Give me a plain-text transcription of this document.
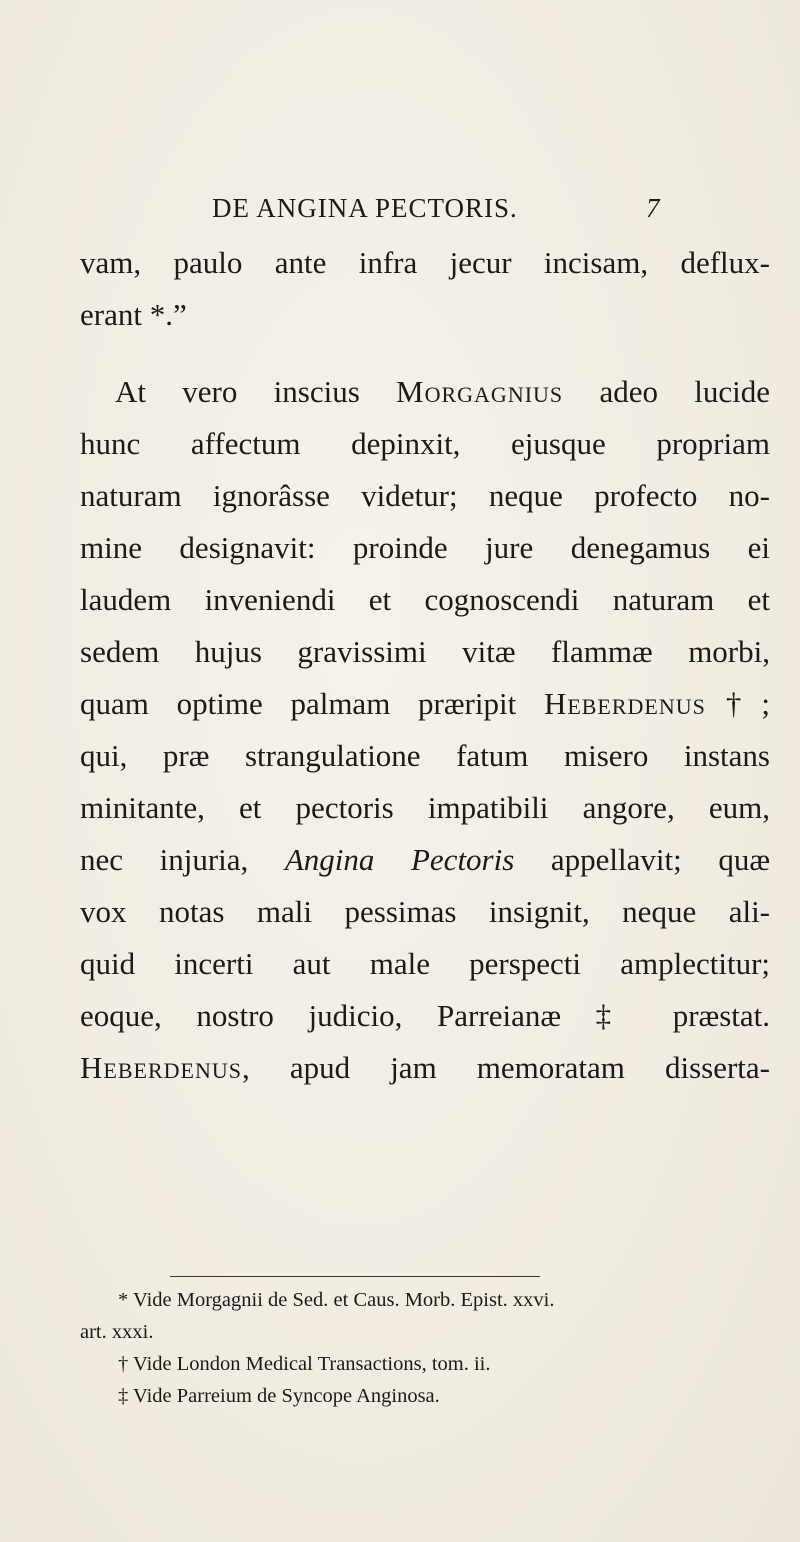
DE ANGINA PECTORIS.	7
vam, paulo ante infra jecur incisam, deflux-
erant *.”
At vero inscius Morgagnius adeo lucide
hunc affectum depinxit, ejusque propriam
naturam ignorâsse videtur; neque profecto no-
mine designavit: proinde jure denegamus ei
laudem inveniendi et cognoscendi naturam et
sedem hujus gravissimi vitæ flammæ morbi,
quam optime palmam præripit Heberdenus†;
qui, præ strangulatione fatum misero instans
minitante, et pectoris impatibili angore, eum,
nec injuria, Angina Pectoris appellavit; quæ
vox notas mali pessimas insignit, neque ali-
quid incerti aut male perspecti amplectitur;
eoque, nostro judicio, Parreianæ ‡ præstat.
Heberdenus, apud jam memoratam disserta-
* Vide Morgagnii de Sed. et Caus. Morb. Epist. xxvi.
art. xxxi.
† Vide London Medical Transactions, tom. ii.
‡ Vide Parreium de Syncope Anginosa.
